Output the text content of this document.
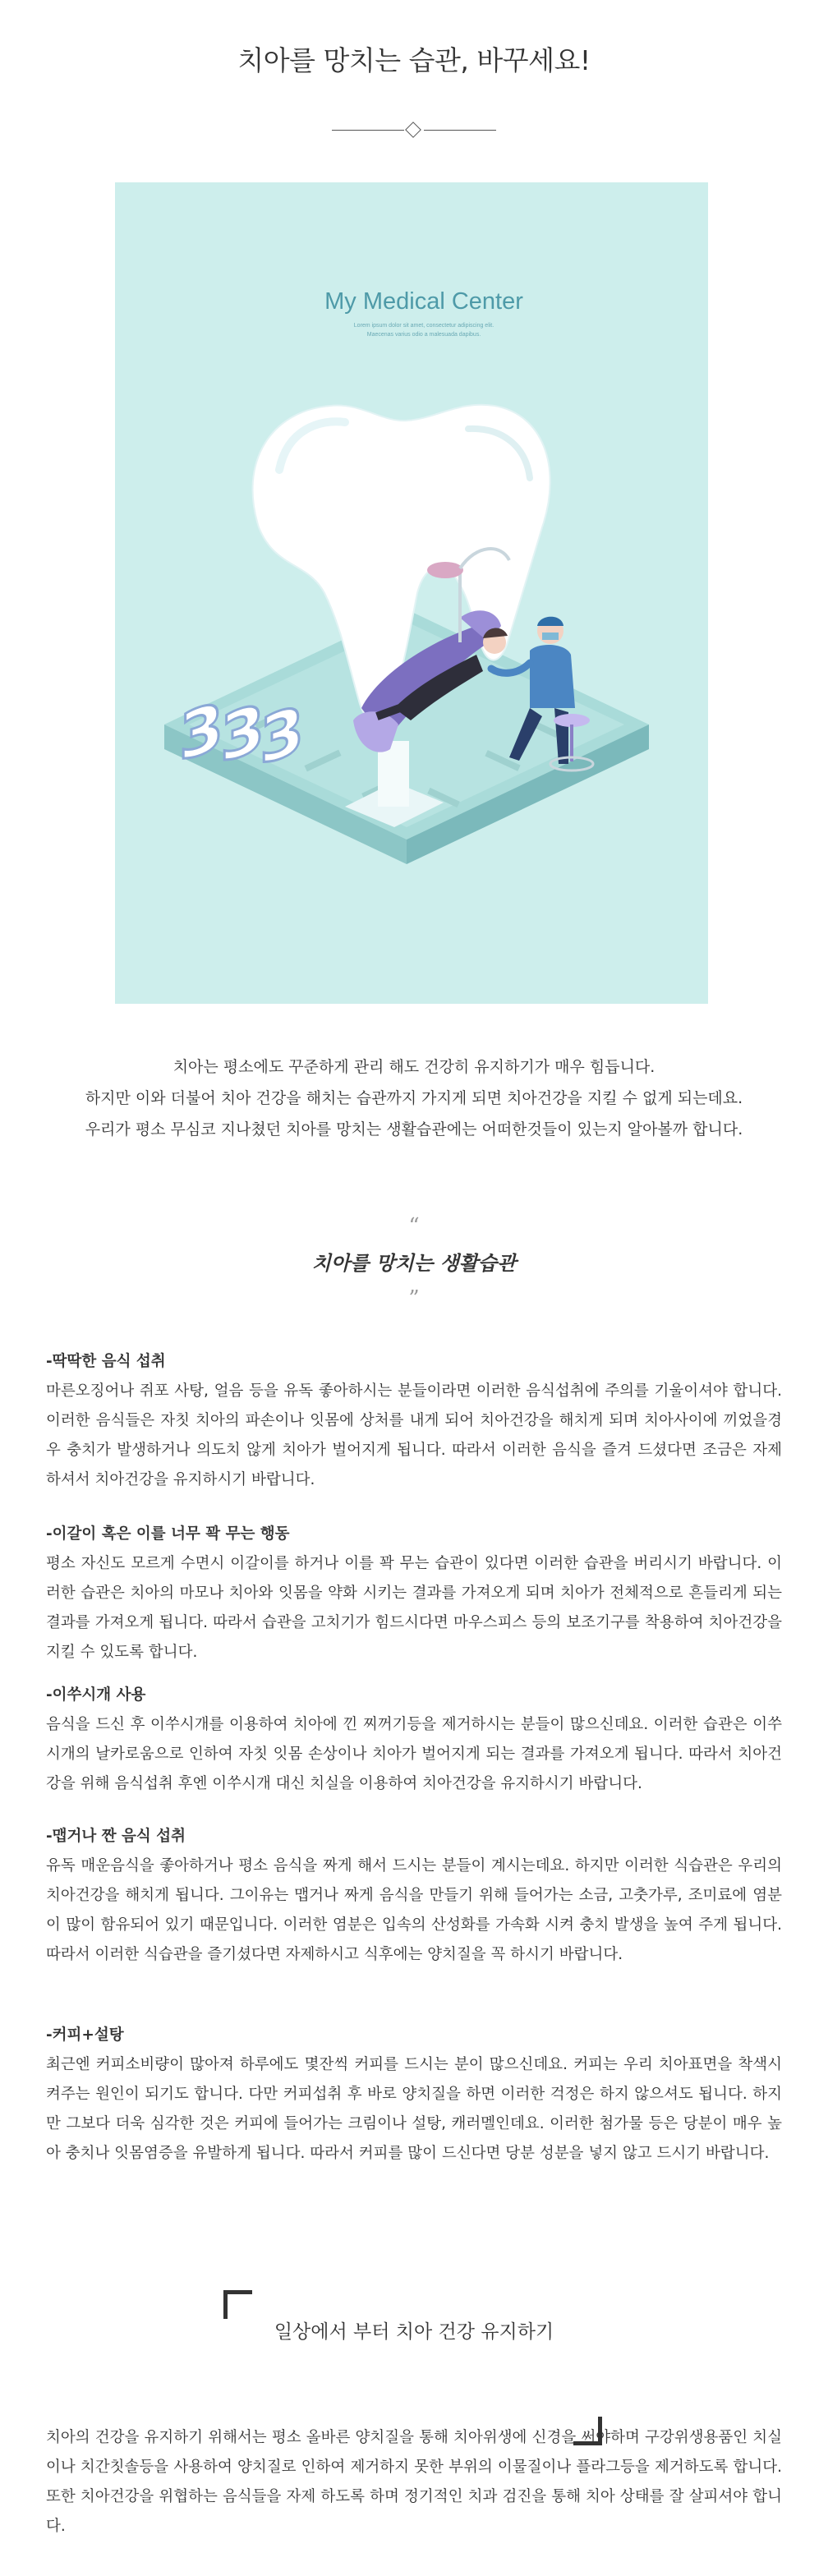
치아를 망치는 습관, 바꾸세요!
My Medical Center
Lorem ipsum dolor sit amet, consectetur adipiscing elit.
Maecenas varius odio a malesuada dapibus.
3
3
3
치아는 평소에도 꾸준하게 관리 해도 건강히 유지하기가 매우 힘듭니다.
하지만 이와 더불어 치아 건강을 해치는 습관까지 가지게 되면 치아건강을 지킬 수 없게 되는데요.
우리가 평소 무심코 지나쳤던 치아를 망치는 생활습관에는 어떠한것들이 있는지 알아볼까 합니다.
“
치아를 망치는 생활습관
”

-딱딱한 음식 섭취

마른오징어나 쥐포 사탕, 얼음 등을 유독 좋아하시는 분들이라면 이러한 음식섭취에 주의를 기울이셔야 합니다. 이러한 음식들은 자칫 치아의 파손이나 잇몸에 상처를 내게 되어 치아건강을 해치게 되며 치아사이에 끼었을경우 충치가 발생하거나 의도치 않게 치아가 벌어지게 됩니다. 따라서 이러한 음식을 즐겨 드셨다면 조금은 자제 하셔서 치아건강을 유지하시기 바랍니다.

-이갈이 혹은 이를 너무 꽉 무는 행동

평소 자신도 모르게 수면시 이갈이를 하거나 이를 꽉 무는 습관이 있다면 이러한 습관을 버리시기 바랍니다. 이러한 습관은 치아의 마모나 치아와 잇몸을 약화 시키는 결과를 가져오게 되며 치아가 전체적으로 흔들리게 되는 결과를 가져오게 됩니다. 따라서 습관을 고치기가 힘드시다면 마우스피스 등의 보조기구를 착용하여 치아건강을 지킬 수 있도록 합니다.

-이쑤시개 사용

음식을 드신 후 이쑤시개를 이용하여 치아에 낀 찌꺼기등을 제거하시는 분들이 많으신데요. 이러한 습관은 이쑤시개의 날카로움으로 인하여 자칫 잇몸 손상이나 치아가 벌어지게 되는 결과를 가져오게 됩니다. 따라서 치아건강을 위해 음식섭취 후엔 이쑤시개 대신 치실을 이용하여 치아건강을 유지하시기 바랍니다.

-맵거나 짠 음식 섭취

유독 매운음식을 좋아하거나 평소 음식을 짜게 해서 드시는 분들이 계시는데요. 하지만 이러한 식습관은 우리의 치아건강을 해치게 됩니다. 그이유는 맵거나 짜게 음식을 만들기 위해 들어가는 소금, 고춧가루, 조미료에 염분이 많이 함유되어 있기 때문입니다. 이러한 염분은 입속의 산성화를 가속화 시켜 충치 발생을 높여 주게 됩니다. 따라서 이러한 식습관을 즐기셨다면 자제하시고 식후에는 양치질을 꼭 하시기 바랍니다.

-커피+설탕

최근엔 커피소비량이 많아져 하루에도 몇잔씩 커피를 드시는 분이 많으신데요. 커피는 우리 치아표면을 착색시켜주는 원인이 되기도 합니다. 다만 커피섭취 후 바로 양치질을 하면 이러한 걱정은 하지 않으셔도 됩니다. 하지만 그보다 더욱 심각한 것은 커피에 들어가는 크림이나 설탕, 캐러멜인데요. 이러한 첨가물 등은 당분이 매우 높아 충치나 잇몸염증을 유발하게 됩니다. 따라서 커피를 많이 드신다면 당분 성분을 넣지 않고 드시기 바랍니다.

일상에서 부터 치아 건강 유지하기

치아의 건강을 유지하기 위해서는 평소 올바른 양치질을 통해 치아위생에 신경을 써야하며 구강위생용품인 치실이나 치간칫솔등을 사용하여 양치질로 인하여 제거하지 못한 부위의 이물질이나 플라그등을 제거하도록 합니다. 또한 치아건강을 위협하는 음식들을 자제 하도록 하며 정기적인 치과 검진을 통해 치아 상태를 잘 살피셔야 합니다.
